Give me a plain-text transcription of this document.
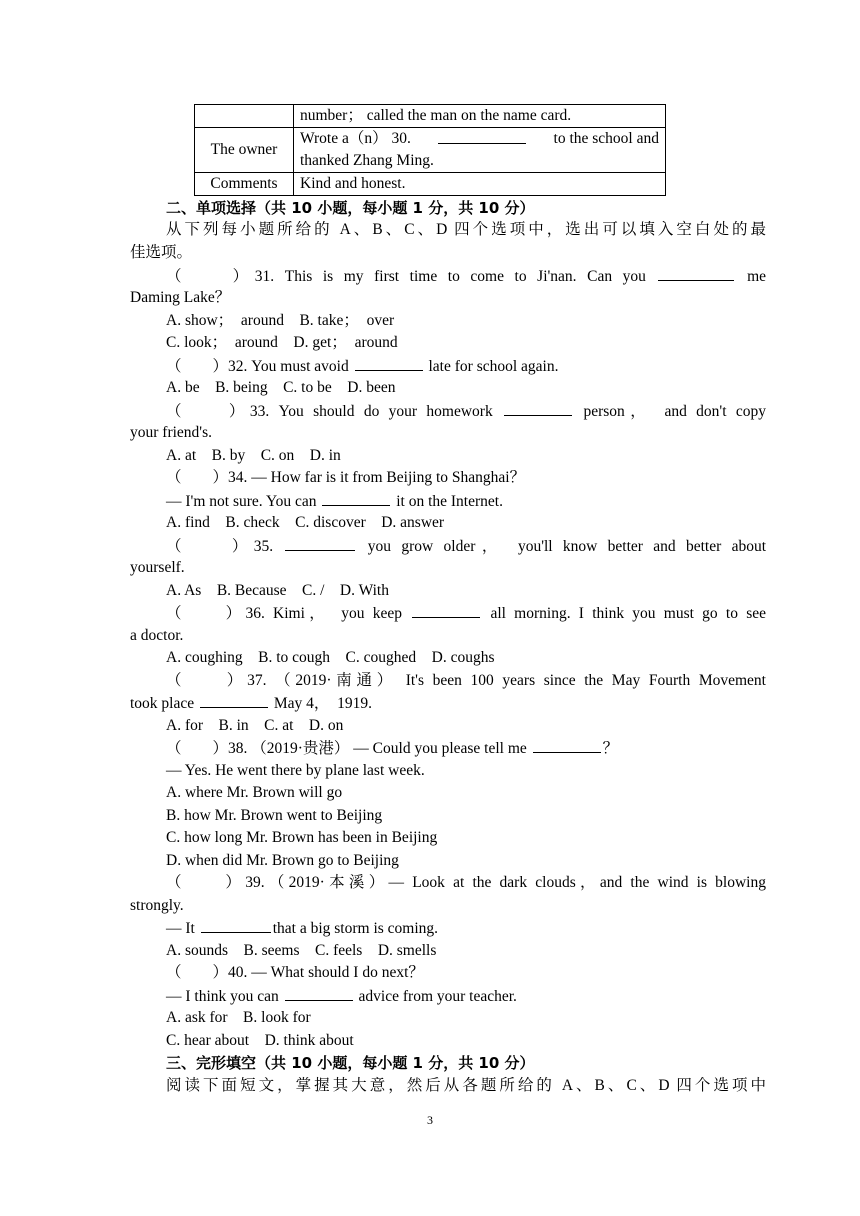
	number； called the man on the name card.
The owner	Wrote a（n） 30. to the school and
thanked Zhang Ming.

Comments	Kind and honest.
二、单项选择（共 10 小题，每小题 1 分，共 10 分）
从下列每小题所给的 A、B、C、D 四个选项中，选出可以填入空白处的最
佳选项。
（　　）31. This is my first time to come to Ji'nan. Can you	me
Daming Lake？
A. show；　around　B. take；　over
C. look；　around　D. get；　around
（　　）32. You must avoid	late for school again.
A. be　B. being　C. to be　D. been
（　　）33. You should do your homework	person，　and don't copy
your friend's.
A. at　B. by　C. on　D. in
（　　）34. — How far is it from Beijing to Shanghai？
— I'm not sure. You can	it on the Internet.
A. find　B. check　C. discover　D. answer
（　　）35.	you grow older，　you'll know better and better about
yourself.
A. As　B. Because　C. /　D. With
（　　）36. Kimi，　you keep	all morning. I think you must go to see
a doctor.
A. coughing　B. to cough　C. coughed　D. coughs
（　　）37. （2019·南通） It's been 100 years since the May Fourth Movement
took place	May 4，　1919.
A. for　B. in　C. at　D. on
（　　）38. （2019·贵港） — Could you please tell me	？
— Yes. He went there by plane last week.
A. where Mr. Brown will go
B. how Mr. Brown went to Beijing
C. how long Mr. Brown has been in Beijing
D. when did Mr. Brown go to Beijing
（　　）39.（2019·本溪）— Look at the dark clouds，and the wind is blowing
strongly.
— It	that a big storm is coming.
A. sounds　B. seems　C. feels　D. smells
（　　）40. — What should I do next？
— I think you can	advice from your teacher.
A. ask for　B. look for
C. hear about　D. think about
三、完形填空（共 10 小题，每小题 1 分，共 10 分）
阅读下面短文，掌握其大意，然后从各题所给的 A、B、C、D 四个选项中
3
